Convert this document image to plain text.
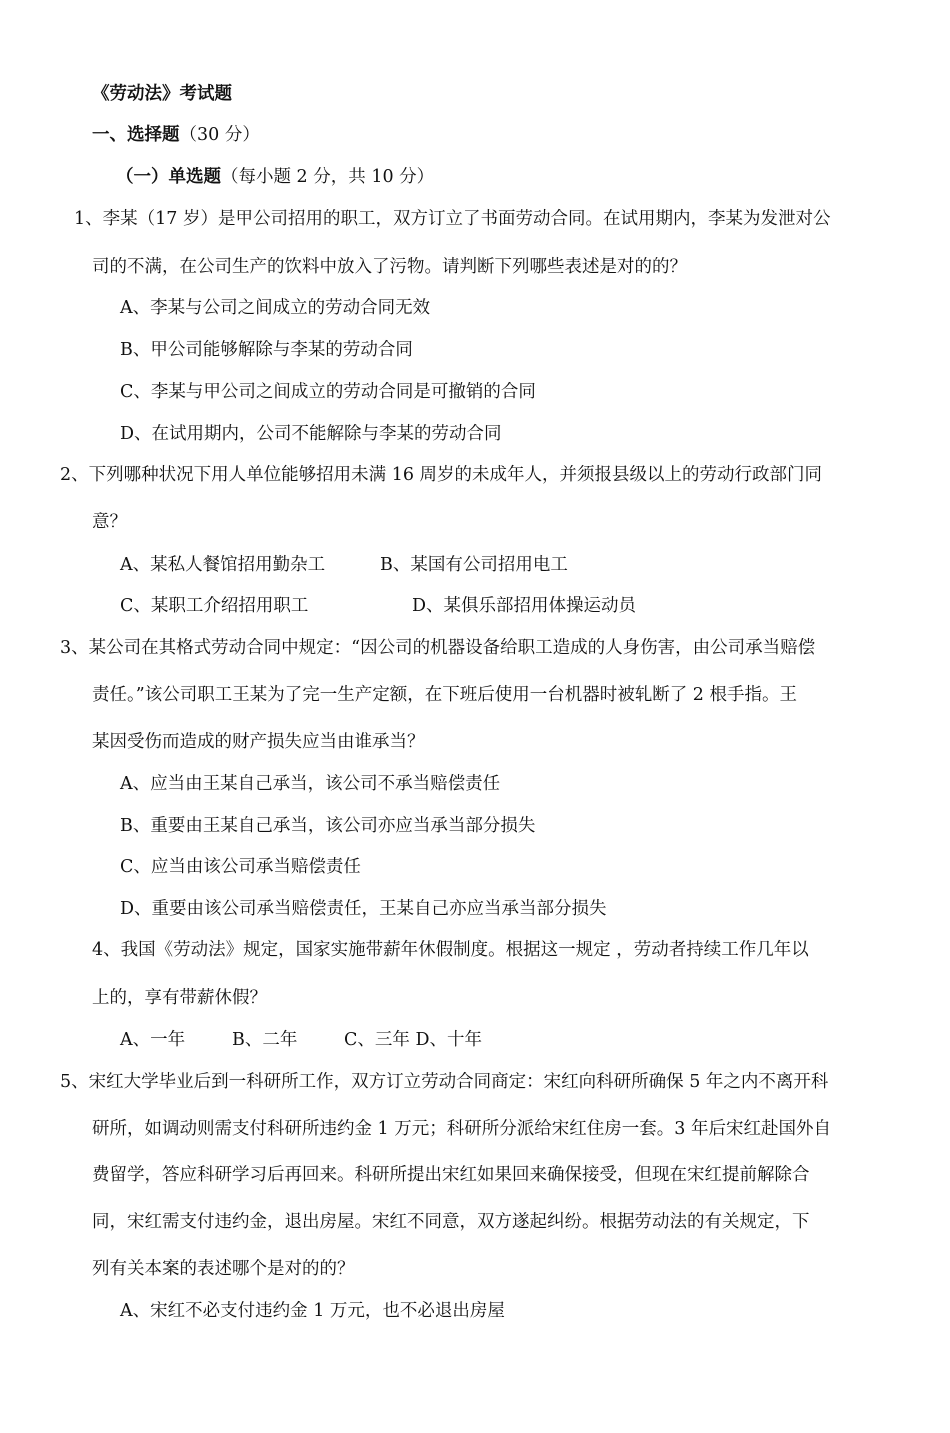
《劳动法》考试题
一、选择题（30 分）
（一）单选题（每小题 2 分，共 10 分）
1、李某（17 岁）是甲公司招用的职工，双方订立了书面劳动合同。在试用期内，李某为发泄对公
司的不满，在公司生产的饮料中放入了污物。请判断下列哪些表述是对的的？
A、李某与公司之间成立的劳动合同无效
B、甲公司能够解除与李某的劳动合同
C、李某与甲公司之间成立的劳动合同是可撤销的合同
D、在试用期内，公司不能解除与李某的劳动合同
2、下列哪种状况下用人单位能够招用未满 16 周岁的未成年人，并须报县级以上的劳动行政部门同
意？
A、某私人餐馆招用勤杂工	B、某国有公司招用电工
C、某职工介绍招用职工	D、某俱乐部招用体操运动员
3、某公司在其格式劳动合同中规定：“因公司的机器设备给职工造成的人身伤害，由公司承当赔偿
责任。”该公司职工王某为了完一生产定额，在下班后使用一台机器时被轧断了 2 根手指。王
某因受伤而造成的财产损失应当由谁承当？
A、应当由王某自己承当，该公司不承当赔偿责任
B、重要由王某自己承当，该公司亦应当承当部分损失
C、应当由该公司承当赔偿责任
D、重要由该公司承当赔偿责任，王某自己亦应当承当部分损失
4、我国《劳动法》规定，国家实施带薪年休假制度。根据这一规定 ，劳动者持续工作几年以
上的，享有带薪休假？
A、一年	B、二年	C、三年 D、十年
5、宋红大学毕业后到一科研所工作，双方订立劳动合同商定：宋红向科研所确保 5 年之内不离开科
研所，如调动则需支付科研所违约金 1 万元；科研所分派给宋红住房一套。3 年后宋红赴国外自
费留学，答应科研学习后再回来。科研所提出宋红如果回来确保接受，但现在宋红提前解除合
同，宋红需支付违约金，退出房屋。宋红不同意，双方遂起纠纷。根据劳动法的有关规定，下
列有关本案的表述哪个是对的的？
A、宋红不必支付违约金 1 万元，也不必退出房屋
